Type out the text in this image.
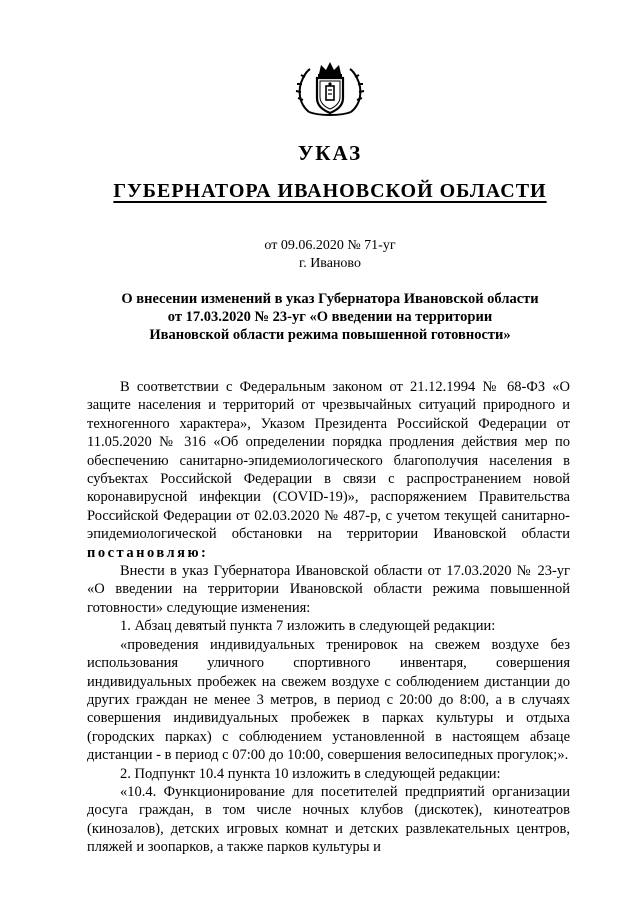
УКАЗ
ГУБЕРНАТОРА ИВАНОВСКОЙ ОБЛАСТИ
от 09.06.2020 № 71-уг
г. Иваново
О внесении изменений в указ Губернатора Ивановской области
от 17.03.2020 № 23-уг «О введении на территории
Ивановской области режима повышенной готовности»

В соответствии с Федеральным законом от 21.12.1994 № 68-ФЗ «О защите населения и территорий от чрезвычайных ситуаций природного и техногенного характера», Указом Президента Российской Федерации от 11.05.2020 № 316 «Об определении порядка продления действия мер по обеспечению санитарно-эпидемиологического благополучия населения в субъектах Российской Федерации в связи с распространением новой коронавирусной инфекции (COVID-19)», распоряжением Правительства Российской Федерации от 02.03.2020 № 487-р, с учетом текущей санитарно-эпидемиологической обстановки на территории Ивановской области постановляю:

Внести в указ Губернатора Ивановской области от 17.03.2020 № 23-уг «О введении на территории Ивановской области режима повышенной готовности» следующие изменения:

1. Абзац девятый пункта 7 изложить в следующей редакции:

«проведения индивидуальных тренировок на свежем воздухе без использования уличного спортивного инвентаря, совершения индивидуальных пробежек на свежем воздухе с соблюдением дистанции до других граждан не менее 3 метров, в период с 20:00 до 8:00, а в случаях совершения индивидуальных пробежек в парках культуры и отдыха (городских парках) с соблюдением установленной в настоящем абзаце дистанции - в период с 07:00 до 10:00, совершения велосипедных прогулок;».

2. Подпункт 10.4 пункта 10 изложить в следующей редакции:

«10.4. Функционирование для посетителей предприятий организации досуга граждан, в том числе ночных клубов (дискотек), кинотеатров (кинозалов), детских игровых комнат и детских развлекательных центров, пляжей и зоопарков, а также парков культуры и
